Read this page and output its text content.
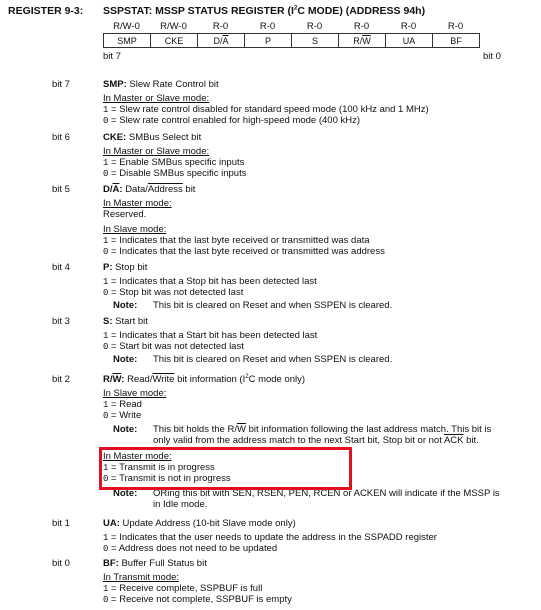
REGISTER 9-3: SSPSTAT: MSSP STATUS REGISTER ($I^2C$ MODE) (ADDRESS 94h)
R/W-0 R/W-0	R-0	R-0	R-0	R-0	R-0	R-0
SMP	CKE	$D/\overline{A}$	P	S	$R/\overline{W}$	UA	BF
bit 7	bit 0
bit 7	SMP: Slew Rate Control bit
In Master or Slave mode:
1 = Slew rate control disabled for standard speed mode (100 kHz and 1 MHz)
0 = Slew rate control enabled for high-speed mode (400 kHz)
bit 6	CKE: SMBus Select bit
In Master or Slave mode:
1 = Enable SMBus specific inputs
0 = Disable SMBus specific inputs
bit 5	$D/\overline{A}$: Data/Address bit
In Master mode:
Reserved.
In Slave mode:
1 = Indicates that the last byte received or transmitted was data
0 = Indicates that the last byte received or transmitted was address
bit 4	P: Stop bit
1 = Indicates that a Stop bit has been detected last
0 = Stop bit was not detected last
Note: This bit is cleared on Reset and when SSPEN is cleared.
bit 3	S: Start bit
1 = Indicates that a Start bit has been detected last
0 = Start bit was not detected last
Note: This bit is cleared on Reset and when SSPEN is cleared.
bit 2	$R/\overline{W}$: Read/Write bit information ($I^2C$ mode only)
In Slave mode:
1 = Read
0 = Write
Note: This bit holds the $R/\overline{W}$ bit information following the last address match. This bit is
only valid from the address match to the next Start bit, Stop bit or not $\overline{ACK}$ bit.
In Master mode:
1 = Transmit is in progress
0 = Transmit is not in progress
Note: ORing this bit with SEN, RSEN, PEN, RCEN or ACKEN will indicate if the MSSP is
in Idle mode.
bit 1	UA: Update Address (10-bit Slave mode only)
1 = Indicates that the user needs to update the address in the SSPADD register
0 = Address does not need to be updated
bit 0	BF: Buffer Full Status bit
In Transmit mode:
1 = Receive complete, SSPBUF is full
0 = Receive not complete, SSPBUF is empty
